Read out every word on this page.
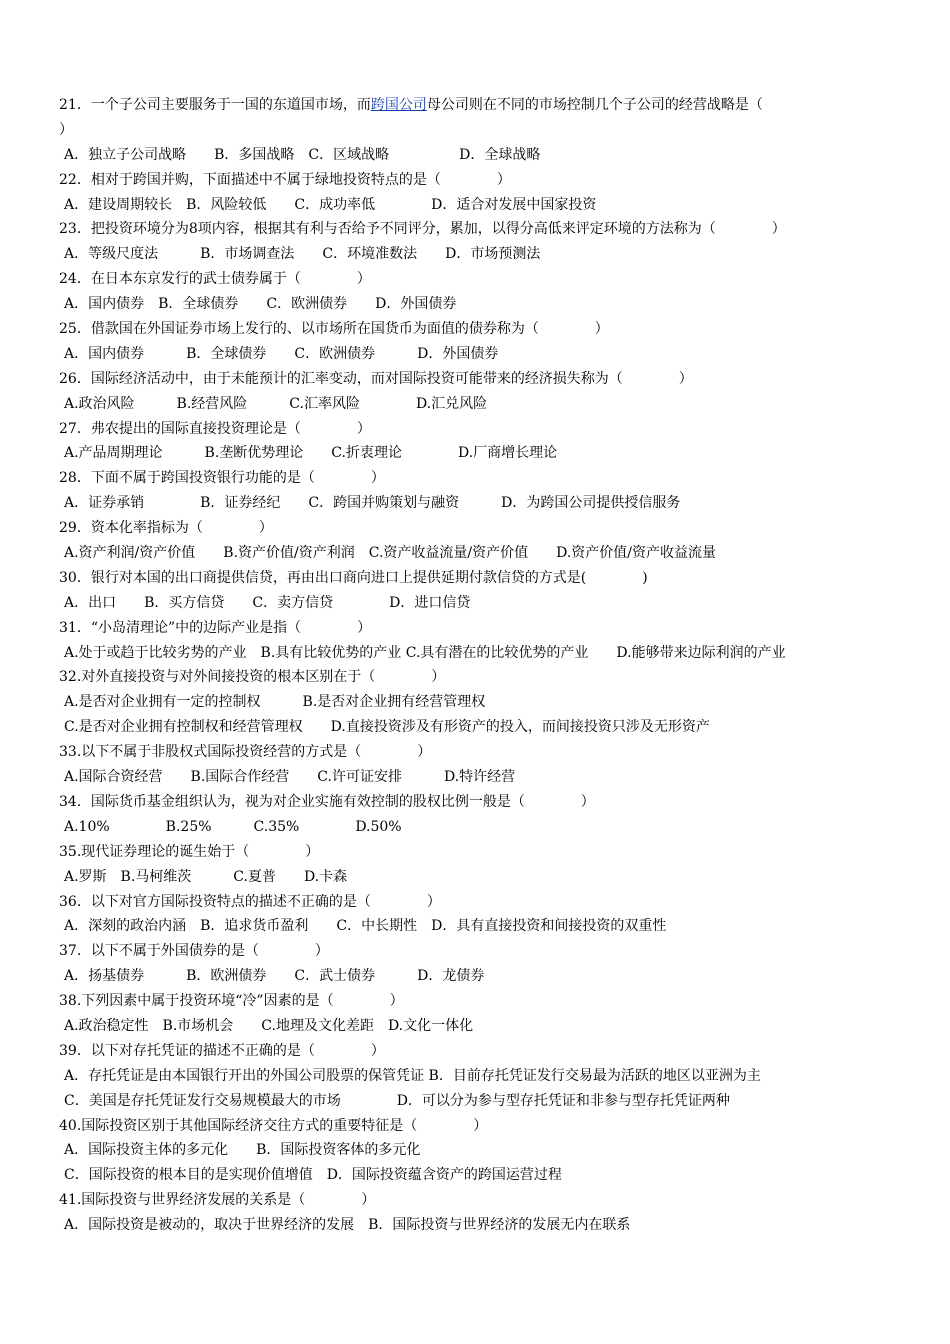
21．一个子公司主要服务于一国的东道国市场，而跨国公司母公司则在不同的市场控制几个子公司的经营战略是（
）
A．独立子公司战略　　B．多国战略　C．区域战略　　　　　D．全球战略
22．相对于跨国并购，下面描述中不属于绿地投资特点的是（　　　　）
A．建设周期较长　B．风险较低　　C．成功率低　　　　D．适合对发展中国家投资
23．把投资环境分为8项内容，根据其有利与否给予不同评分，累加，以得分高低来评定环境的方法称为（　　　　）
A．等级尺度法　　　B．市场调查法　　C．环境准数法　　D．市场预测法
24．在日本东京发行的武士债券属于（　　　　）
A．国内债券　B．全球债券　　C．欧洲债券　　D．外国债券
25．借款国在外国证券市场上发行的、以市场所在国货币为面值的债券称为（　　　　）
A．国内债券　　　B．全球债券　　C．欧洲债券　　　D．外国债券
26．国际经济活动中，由于未能预计的汇率变动，而对国际投资可能带来的经济损失称为（　　　　）
A.政治风险　　　B.经营风险　　　C.汇率风险　　　　D.汇兑风险
27．弗农提出的国际直接投资理论是（　　　　）
A.产品周期理论　　　B.垄断优势理论　　C.折衷理论　　　　D.厂商增长理论
28．下面不属于跨国投资银行功能的是（　　　　）
A．证券承销　　　　B．证券经纪　　C．跨国并购策划与融资　　　D．为跨国公司提供授信服务
29．资本化率指标为（　　　　）
A.资产利润/资产价值　　B.资产价值/资产利润　C.资产收益流量/资产价值　　D.资产价值/资产收益流量
30．银行对本国的出口商提供信贷，再由出口商向进口上提供延期付款信贷的方式是(　　　　)
A．出口　　B．买方信贷　　C．卖方信贷　　　　D．进口信贷
31．“小岛清理论”中的边际产业是指（　　　　）
A.处于或趋于比较劣势的产业　B.具有比较优势的产业 C.具有潜在的比较优势的产业　　D.能够带来边际利润的产业
32.对外直接投资与对外间接投资的根本区别在于（　　　　）
A.是否对企业拥有一定的控制权　　　B.是否对企业拥有经营管理权
C.是否对企业拥有控制权和经营管理权　　D.直接投资涉及有形资产的投入，而间接投资只涉及无形资产
33.以下不属于非股权式国际投资经营的方式是（　　　　）
A.国际合资经营　　B.国际合作经营　　C.许可证安排　　　D.特许经营
34．国际货币基金组织认为，视为对企业实施有效控制的股权比例一般是（　　　　）
A.10%　　　　B.25%　　　C.35%　　　　D.50%
35.现代证券理论的诞生始于（　　　　）
A.罗斯　B.马柯维茨　　　C.夏普　　D.卡森
36．以下对官方国际投资特点的描述不正确的是（　　　　）
A．深刻的政治内涵　B．追求货币盈利　　C．中长期性　D．具有直接投资和间接投资的双重性
37．以下不属于外国债券的是（　　　　）
A．扬基债券　　　B．欧洲债券　　C．武士债券　　　D．龙债券
38.下列因素中属于投资环境“冷”因素的是（　　　　）
A.政治稳定性　B.市场机会　　C.地理及文化差距　D.文化一体化
39．以下对存托凭证的描述不正确的是（　　　　）
A．存托凭证是由本国银行开出的外国公司股票的保管凭证 B．目前存托凭证发行交易最为活跃的地区以亚洲为主
C．美国是存托凭证发行交易规模最大的市场　　　　D．可以分为参与型存托凭证和非参与型存托凭证两种
40.国际投资区别于其他国际经济交往方式的重要特征是（　　　　）
A．国际投资主体的多元化　　B．国际投资客体的多元化
C．国际投资的根本目的是实现价值增值　D．国际投资蕴含资产的跨国运营过程
41.国际投资与世界经济发展的关系是（　　　　）
A．国际投资是被动的，取决于世界经济的发展　B．国际投资与世界经济的发展无内在联系
